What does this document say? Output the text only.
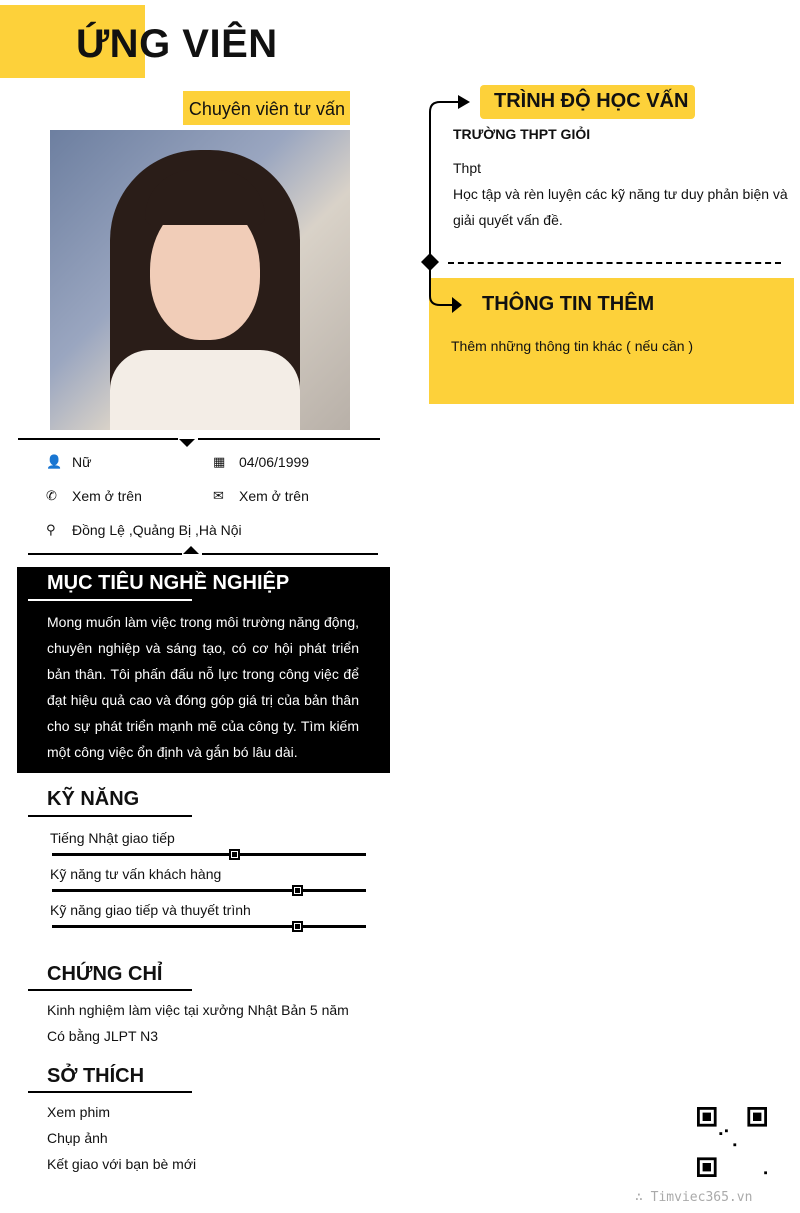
ỨNG VIÊN
Chuyên viên tư vấn
👤 Nữ	▦ 04/06/1999
✆	Xem ở trên	✉	Xem ở trên
⚲	Đồng Lệ ,Quảng Bị ,Hà Nội
MỤC TIÊU NGHỀ NGHIỆP

Mong muốn làm việc trong môi trường năng động, chuyên nghiệp và sáng tạo, có cơ hội phát triển bản thân. Tôi phấn đấu nỗ lực trong công việc để đạt hiệu quả cao và đóng góp giá trị của bản thân cho sự phát triển mạnh mẽ của công ty. Tìm kiếm một công việc ổn định và gắn bó lâu dài.

KỸ NĂNG
Tiếng Nhật giao tiếp
Kỹ năng tư vấn khách hàng
Kỹ năng giao tiếp và thuyết trình
CHỨNG CHỈ
Kinh nghiệm làm việc tại xưởng Nhật Bản 5 năm
Có bằng JLPT N3
SỞ THÍCH
Xem phim
Chụp ảnh
Kết giao với bạn bè mới
TRÌNH ĐỘ HỌC VẤN
TRƯỜNG THPT GIỎI
Thpt
Học tập và rèn luyện các kỹ năng tư duy phản biện và giải quyết vấn đề.
THÔNG TIN THÊM
Thêm những thông tin khác ( nếu cần )
∴ Timviec365.vn
